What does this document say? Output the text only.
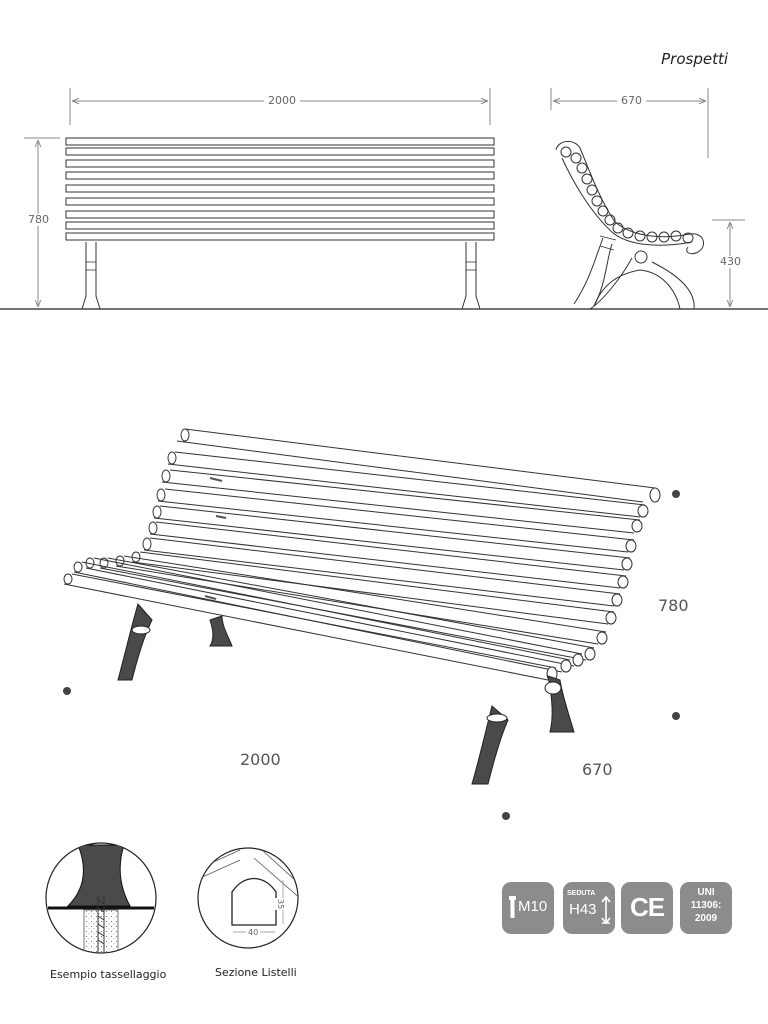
Prospetti
2000
780
670
430
780
2000
670
40
35
Esempio tassellaggio	Sezione Listelli
M10
SEDUTA
H43	CE	UNI
11306:
2009
